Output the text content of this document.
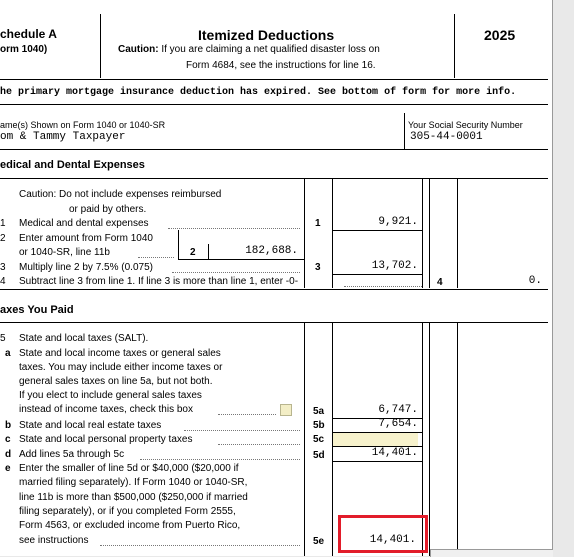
chedule A
orm 1040)
Itemized Deductions
Caution: If you are claiming a net qualified disaster loss on
Form 4684, see the instructions for line 16.
2025
he primary mortgage insurance deduction has expired. See bottom of form for more info.
ame(s) Shown on Form 1040 or 1040-SR
om & Tammy Taxpayer
Your Social Security Number
305-44-0001
edical and Dental Expenses
Caution: Do not include expenses reimbursed
or paid by others.
1 Medical and dental expenses	1	9,921.
2 Enter amount from Form 1040
or 1040-SR, line 11b	2	182,688.
3 Multiply line 2 by 7.5% (0.075)	3	13,702.
4 Subtract line 3 from line 1. If line 3 is more than line 1, enter -0-	4	0.
axes You Paid
5 State and local taxes (SALT).
a State and local income taxes or general sales
taxes. You may include either income taxes or
general sales taxes on line 5a, but not both.
If you elect to include general sales taxes
instead of income taxes, check this box	5a	6,747.
b State and local real estate taxes	5b	7,654.
c State and local personal property taxes	5c
d Add lines 5a through 5c	5d	14,401.
e Enter the smaller of line 5d or $40,000 ($20,000 if
married filing separately). If Form 1040 or 1040-SR,
line 11b is more than $500,000 ($250,000 if married
filing separately), or if you completed Form 2555,
Form 4563, or excluded income from Puerto Rico,
see instructions	5e	14,401.
